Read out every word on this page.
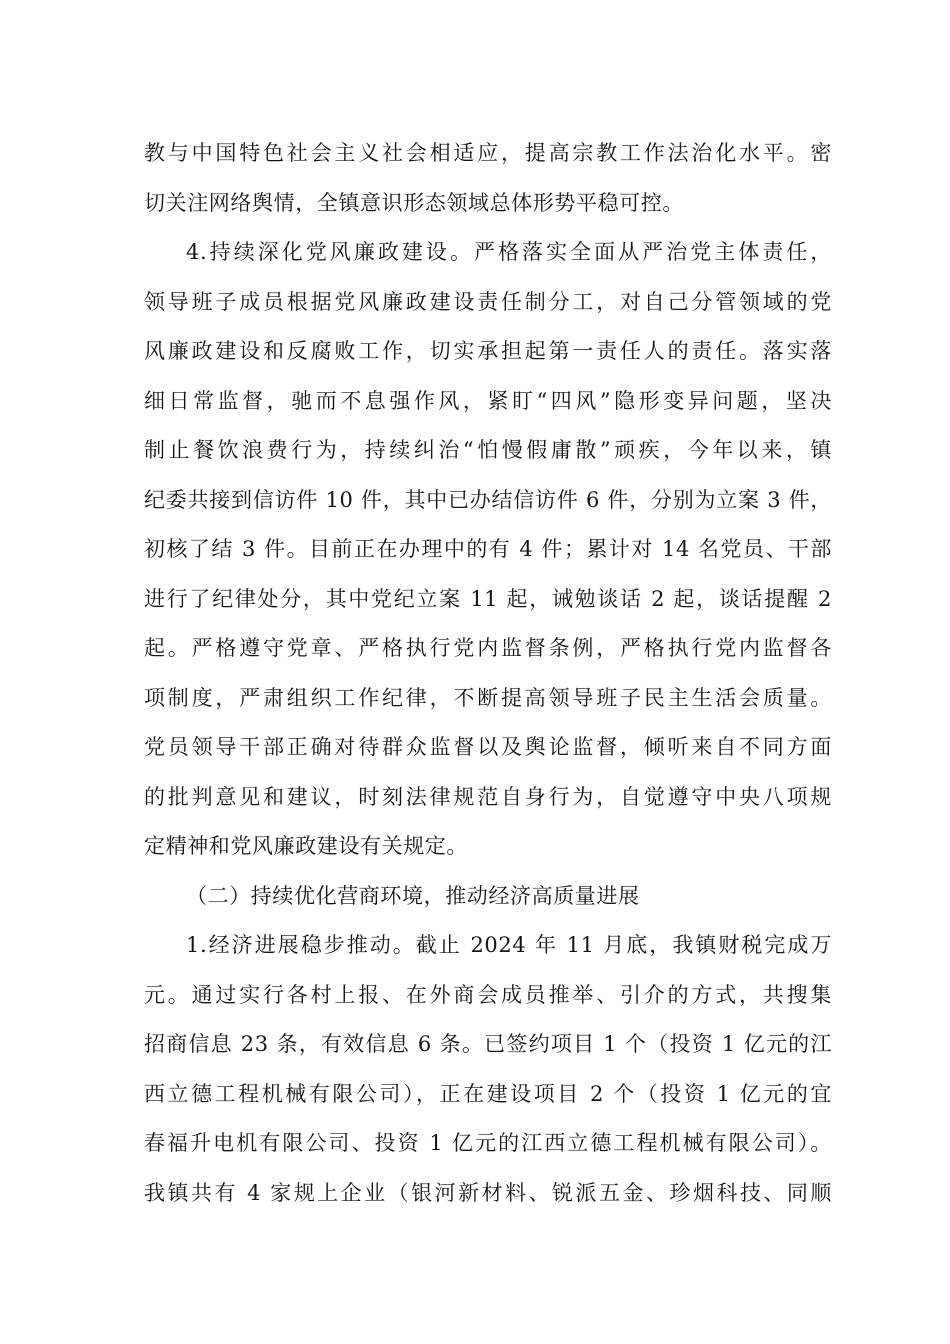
教与中国特色社会主义社会相适应，提高宗教工作法治化水平。密
切关注网络舆情，全镇意识形态领域总体形势平稳可控。
4.持续深化党风廉政建设。严格落实全面从严治党主体责任，
领导班子成员根据党风廉政建设责任制分工，对自己分管领域的党
风廉政建设和反腐败工作，切实承担起第一责任人的责任。落实落
细日常监督，驰而不息强作风，紧盯“四风”隐形变异问题，坚决
制止餐饮浪费行为，持续纠治“怕慢假庸散”顽疾，今年以来，镇
纪委共接到信访件 10 件，其中已办结信访件 6 件，分别为立案 3 件，
初核了结 3 件。目前正在办理中的有 4 件；累计对 14 名党员、干部
进行了纪律处分，其中党纪立案 11 起，诫勉谈话 2 起，谈话提醒 2
起。严格遵守党章、严格执行党内监督条例，严格执行党内监督各
项制度，严肃组织工作纪律，不断提高领导班子民主生活会质量。
党员领导干部正确对待群众监督以及舆论监督，倾听来自不同方面
的批判意见和建议，时刻法律规范自身行为，自觉遵守中央八项规
定精神和党风廉政建设有关规定。
（二）持续优化营商环境，推动经济高质量进展
1.经济进展稳步推动。截止 2024 年 11 月底，我镇财税完成万
元。通过实行各村上报、在外商会成员推举、引介的方式，共搜集
招商信息 23 条，有效信息 6 条。已签约项目 1 个（投资 1 亿元的江
西立德工程机械有限公司），正在建设项目 2 个（投资 1 亿元的宜
春福升电机有限公司、投资 1 亿元的江西立德工程机械有限公司）。
我镇共有 4 家规上企业（银河新材料、锐派五金、珍烟科技、同顺
